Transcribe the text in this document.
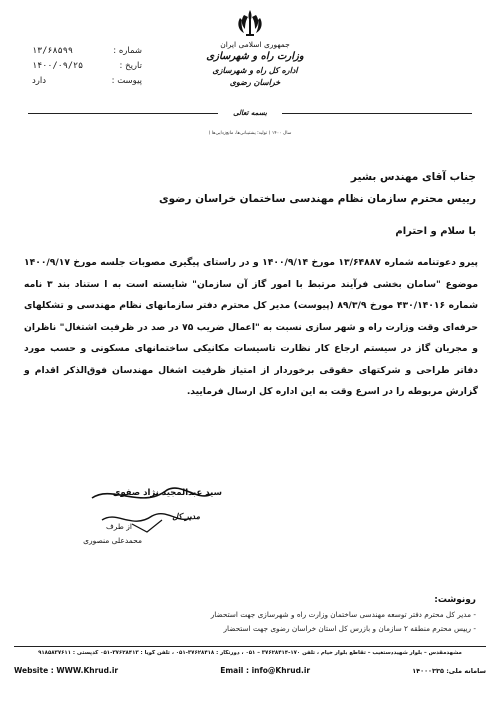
شماره :
۱۳/۶۸۵۹۹
تاریخ :
۱۴۰۰/۰۹/۲۵
پیوست :
دارد
جمهوری اسلامی ایران
وزارت راه و شهرسازی
اداره کل راه و شهرسازی خراسان رضوی
بسمه تعالی
سال ۱۴۰۰ ( تولید؛ پشتیبانی‌ها، مانع‌زدایی‌ها )
جناب آقای مهندس بشیر
رییس محترم سازمان نظام مهندسی ساختمان خراسان رضوی
با سلام و احترام

پیرو دعوتنامه شماره ۱۳/۶۴۸۸۷ مورخ ۱۴۰۰/۹/۱۴ و در راستای پیگیری مصوبات جلسه مورخ ۱۴۰۰/۹/۱۷ موضوع "سامان بخشی فرآیند مرتبط با امور گاز آن سازمان" شایسته است به ا ستناد بند ۳ نامه شماره ۴۳۰/۱۴۰۱۶ مورخ ۸۹/۳/۹ (پیوست) مدیر کل محترم دفتر سازمانهای نظام مهندسی و تشکلهای حرفه‌ای وقت وزارت راه و شهر سازی نسبت به "اعمال ضریب ۷۵ در صد در ظرفیت اشتغال" ناظران و مجریان گاز در سیستم ارجاع کار نظارت تاسیسات مکانیکی ساختمانهای مسکونی و حسب مورد دفاتر طراحی و شرکتهای حقوقی برخوردار از امتیاز ظرفیت اشغال مهندسان فوق‌الذکر اقدام و گزارش مربوطه را در اسرع وقت به این اداره کل ارسال فرمایید.

سید عبدالمجید نژاد صفوی
مدیر کل
از طرف
محمدعلی منصوری
رونوشت:
- مدیر کل محترم دفتر توسعه مهندسی ساختمان وزارت راه و شهرسازی جهت استحضار
- رییس محترم منطقه ۲ سازمان و بازرس کل استان خراسان رضوی جهت استحضار
مشهدمقدس – بلوار شهیددستغیب – تقاطع بلوار خیام ، تلفن ۱۷۰-۳۷۶۲۸۴۱۴ – ۰۵۱ ، دورنگار : ۳۷۶۲۸۴۱۸-۰۵۱ ، تلفن گویا : ۳۷۶۲۸۴۱۳-۰۵۱ کدپستی : ۹۱۸۵۸۳۷۶۱۱
Website : WWW.Khrud.ir	Email : info@Khrud.ir	سامانه ملی: ۱۴۰۰۰۳۳۵
